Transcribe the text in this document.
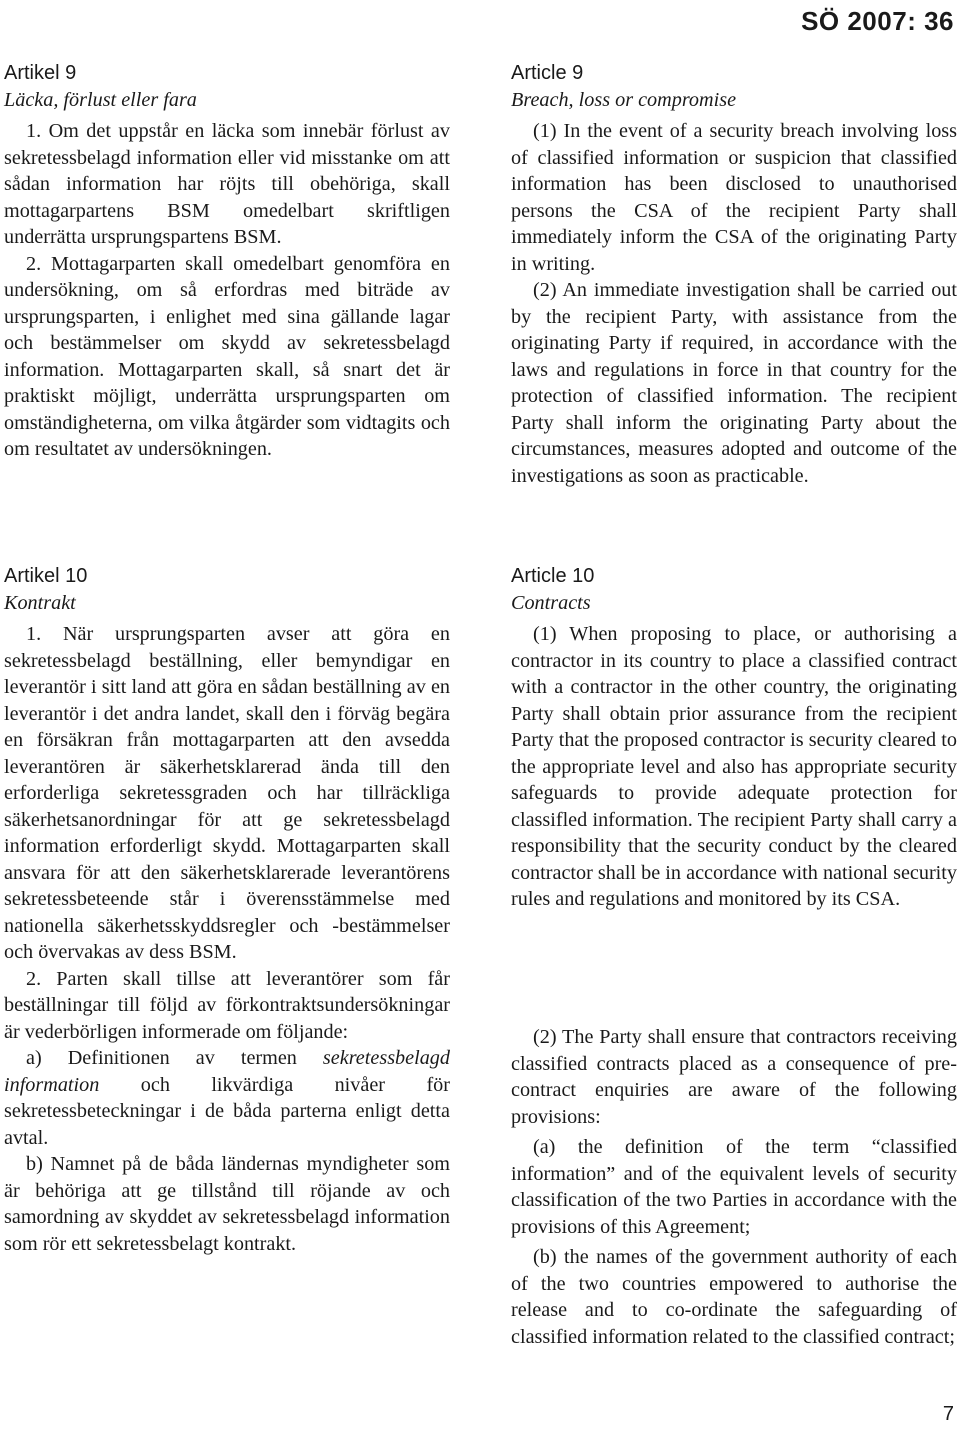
SÖ 2007: 36
Artikel 9
Läcka, förlust eller fara

1. Om det uppstår en läcka som innebär förlust av sekretessbelagd information eller vid misstanke om att sådan information har röjts till obehöriga, skall mottagarpartens BSM omedelbart skriftligen underrätta ursprungspartens BSM.

2. Mottagarparten skall omedelbart genomföra en undersökning, om så erfordras med biträde av ursprungsparten, i enlighet med sina gällande lagar och bestämmelser om skydd av sekretessbelagd information. Mottagarparten skall, så snart det är praktiskt möjligt, underrätta ursprungsparten om omständigheterna, om vilka åtgärder som vidtagits och om resultatet av undersökningen.

Artikel 10
Kontrakt

1. När ursprungsparten avser att göra en sekretessbelagd beställning, eller bemyndigar en leverantör i sitt land att göra en sådan beställning av en leverantör i det andra landet, skall den i förväg begära en försäkran från mottagarparten att den avsedda leverantören är säkerhetsklarerad ända till den erforderliga sekretessgraden och har tillräckliga säkerhetsanordningar för att ge sekretessbelagd information erforderligt skydd. Mottagarparten skall ansvara för att den säkerhetsklarerade leverantörens sekretessbeteende står i överensstämmelse med nationella säkerhetsskyddsregler och -bestämmelser och övervakas av dess BSM.

2. Parten skall tillse att leverantörer som får beställningar till följd av förkontraktsundersökningar är vederbörligen informerade om följande:

a) Definitionen av termen sekretessbelagd information och likvärdiga nivåer för sekretessbeteckningar i de båda parterna enligt detta avtal.

b) Namnet på de båda ländernas myndigheter som är behöriga att ge tillstånd till röjande av och samordning av skyddet av sekretessbelagd information som rör ett sekretessbelagt kontrakt.

Article 9
Breach, loss or compromise

(1) In the event of a security breach involving loss of classified information or suspicion that classified information has been disclosed to unauthorised persons the CSA of the recipient Party shall immediately inform the CSA of the originating Party in writing.

(2) An immediate investigation shall be carried out by the recipient Party, with assistance from the originating Party if required, in accordance with the laws and regulations in force in that country for the protection of classified information. The recipient Party shall inform the originating Party about the circumstances, measures adopted and outcome of the investigations as soon as practicable.

Article 10
Contracts

(1) When proposing to place, or authorising a contractor in its country to place a classified contract with a contractor in the other country, the originating Party shall obtain prior assurance from the recipient Party that the proposed contractor is security cleared to the appropriate level and also has appropriate security safeguards to provide adequate protection for classifled information. The recipient Party shall carry a responsibility that the security conduct by the cleared contractor shall be in accordance with national security rules and regulations and monitored by its CSA.

(2) The Party shall ensure that contractors receiving classified contracts placed as a consequence of pre-contract enquiries are aware of the following provisions:

(a) the definition of the term “classified information” and of the equivalent levels of security classification of the two Parties in accordance with the provisions of this Agreement;

(b) the names of the government authority of each of the two countries empowered to authorise the release and to co-ordinate the safeguarding of classified information related to the classified contract;

7
